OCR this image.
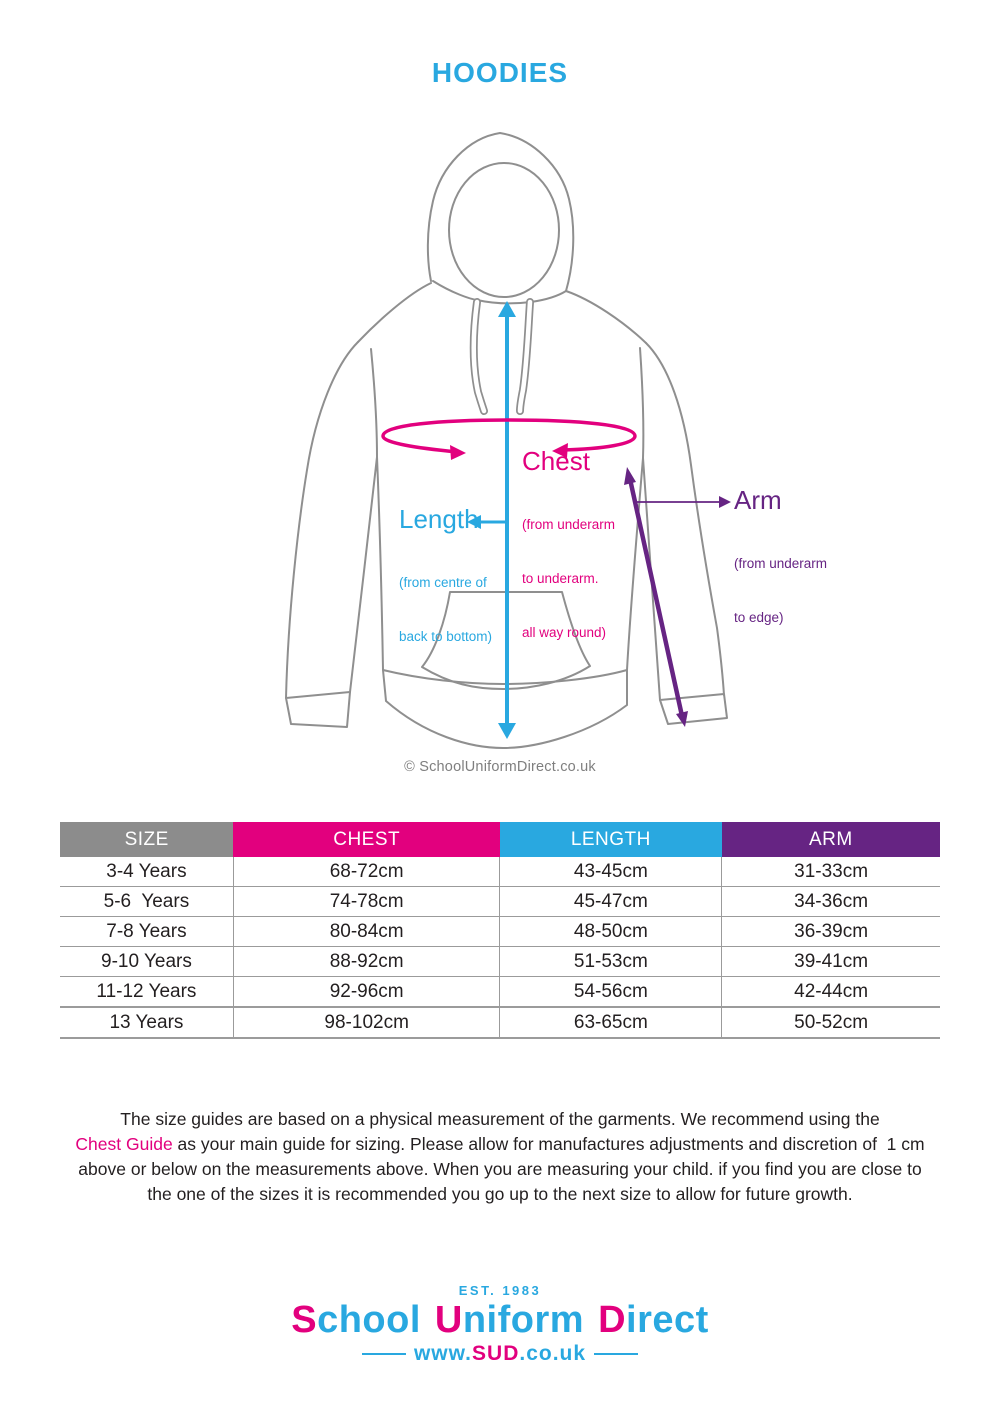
HOODIES
Chest

(from underarm

to underarm.

all way round)

Length

(from centre of

back to bottom)

Arm

(from underarm

to edge)

© SchoolUniformDirect.co.uk
SIZE	CHEST	LENGTH	ARM
3-4 Years	68-72cm	43-45cm	31-33cm
5-6  Years	74-78cm	45-47cm	34-36cm
7-8 Years	80-84cm	48-50cm	36-39cm
9-10 Years	88-92cm	51-53cm	39-41cm
11-12 Years	92-96cm	54-56cm	42-44cm
13 Years	98-102cm	63-65cm	50-52cm
The size guides are based on a physical measurement of the garments. We recommend using the
Chest Guide as your main guide for sizing. Please allow for manufactures adjustments and discretion of  1 cm
above or below on the measurements above. When you are measuring your child. if you find you are close to
the one of the sizes it is recommended you go up to the next size to allow for future growth.
EST. 1983
School Uniform Direct
www.SUD.co.uk
